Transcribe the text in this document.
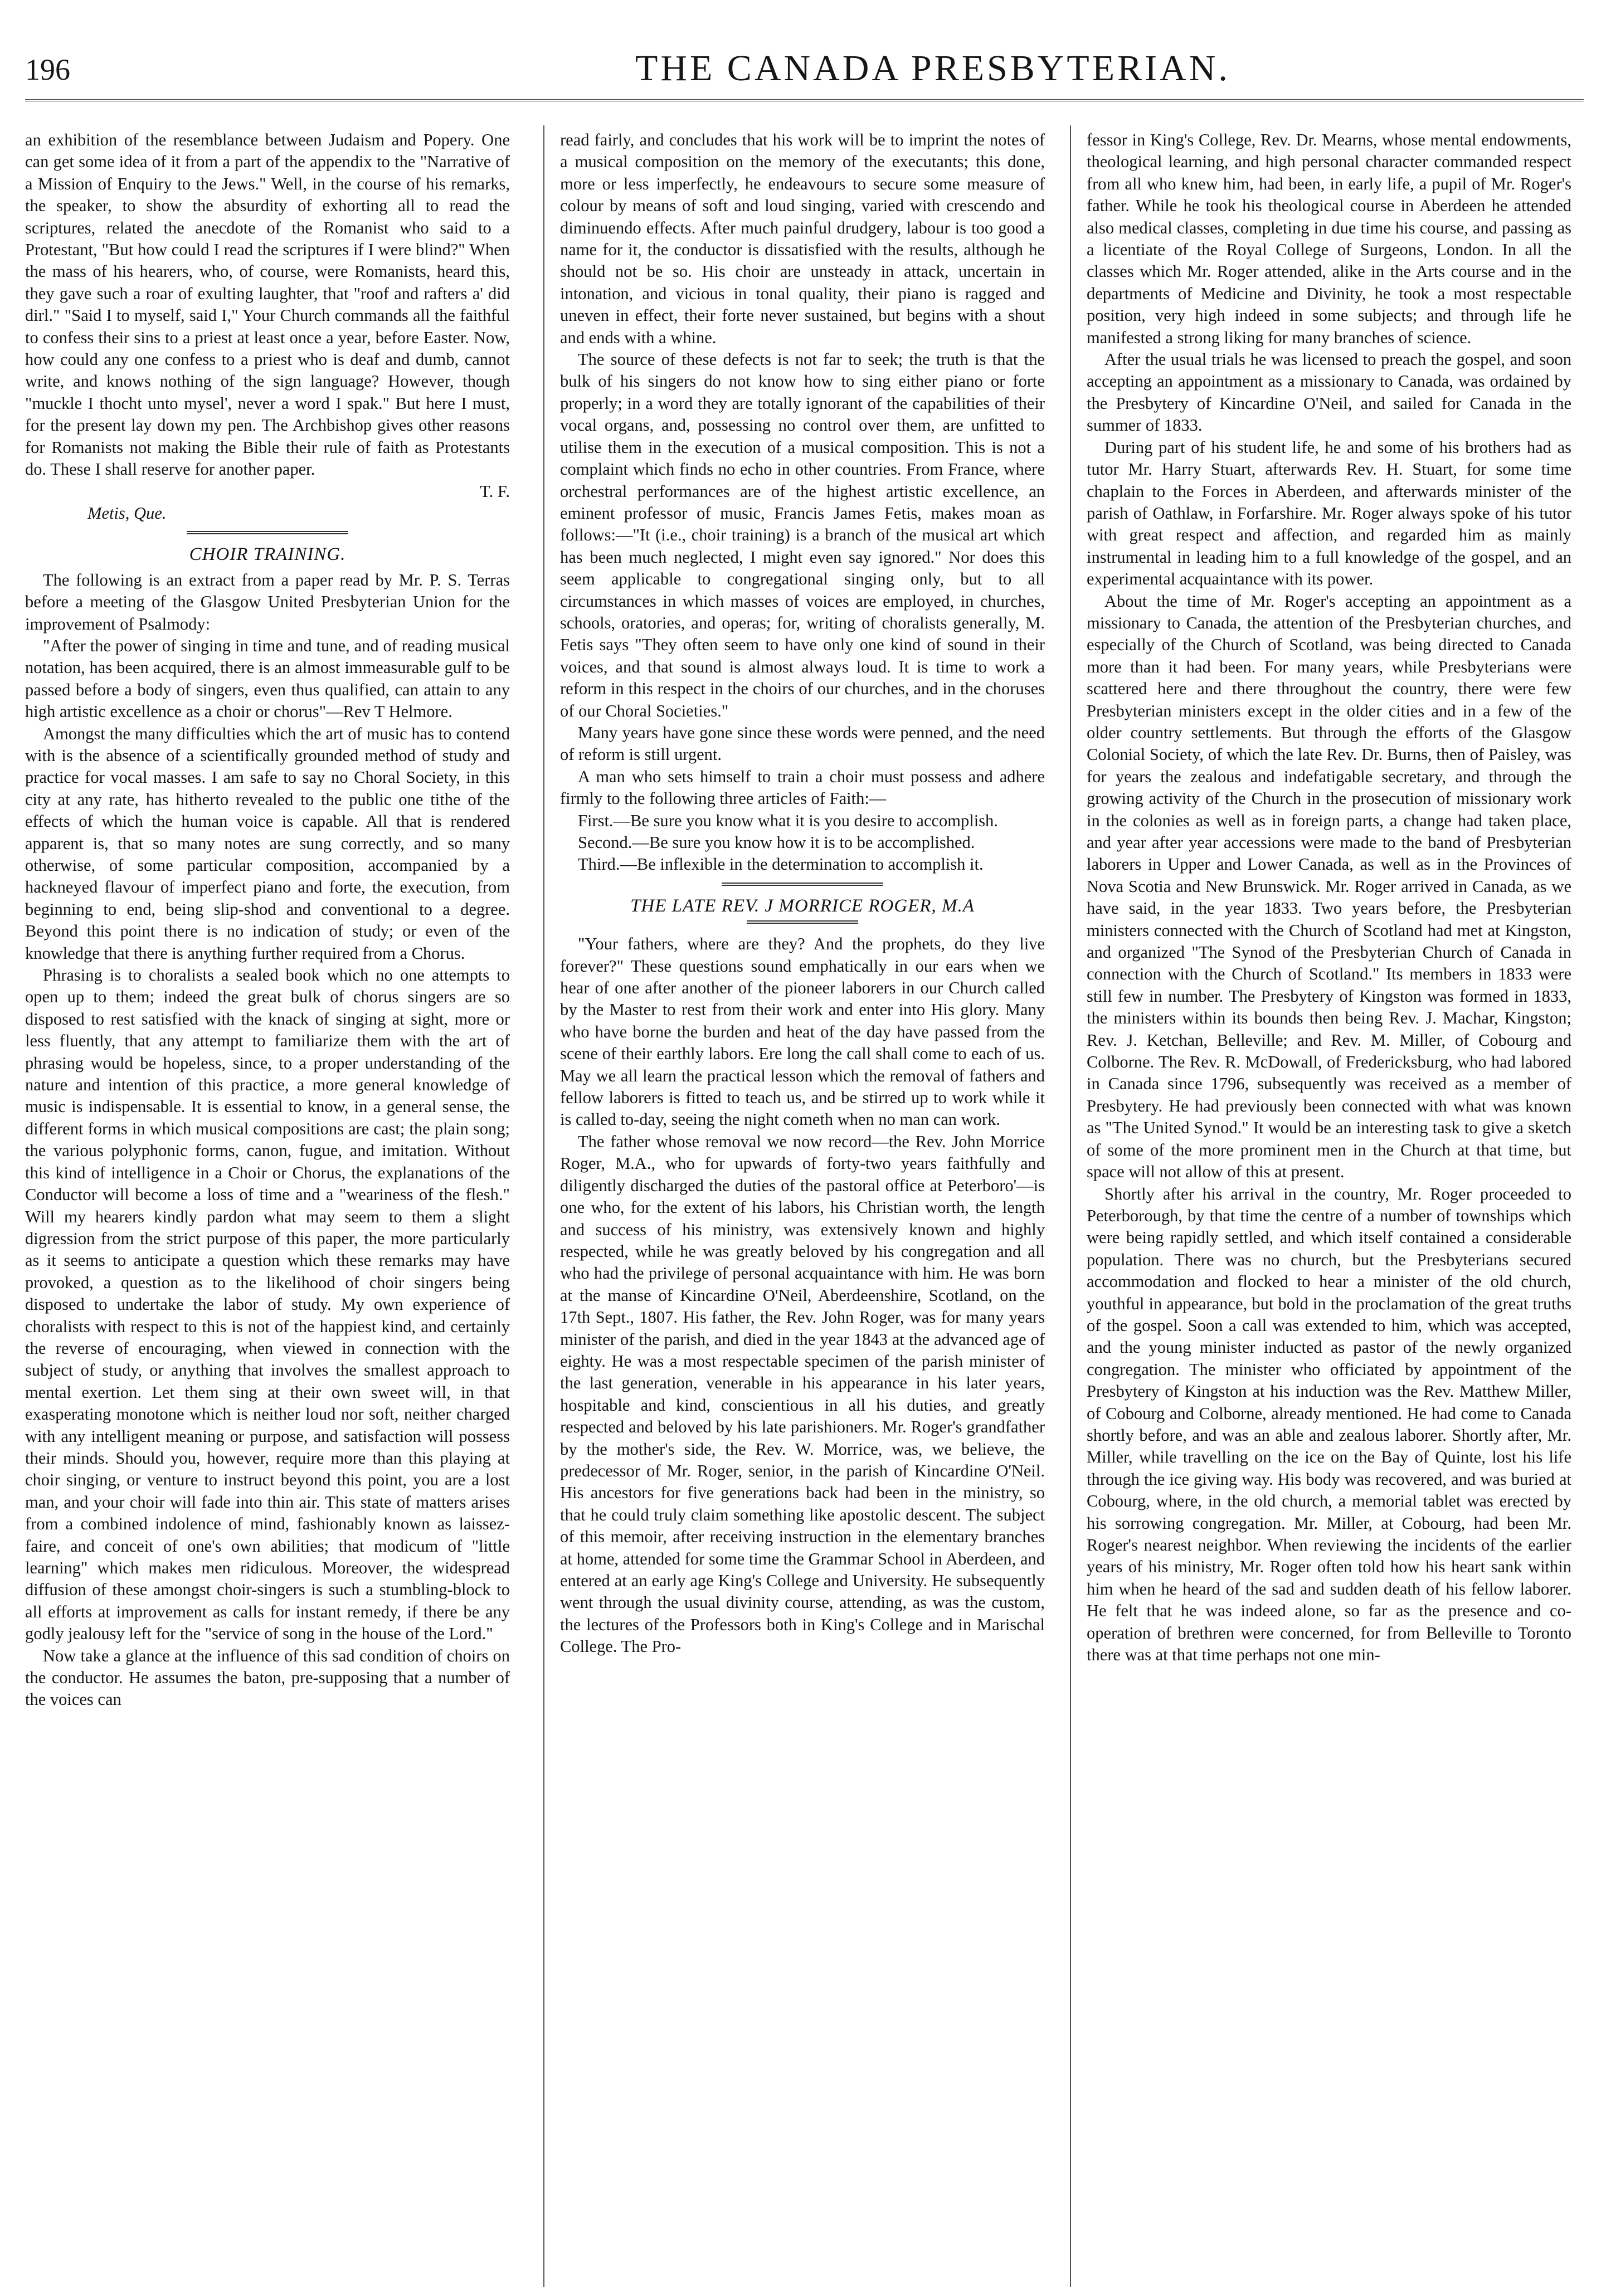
196	THE CANADA PRESBYTERIAN.

an exhibition of the resemblance between Judaism and Popery. One can get some idea of it from a part of the appendix to the "Narrative of a Mission of Enquiry to the Jews." Well, in the course of his remarks, the speaker, to show the absurdity of exhorting all to read the scriptures, related the anecdote of the Romanist who said to a Protestant, "But how could I read the scriptures if I were blind?" When the mass of his hearers, who, of course, were Romanists, heard this, they gave such a roar of exulting laughter, that "roof and rafters a' did dirl." "Said I to myself, said I," Your Church commands all the faithful to confess their sins to a priest at least once a year, before Easter. Now, how could any one confess to a priest who is deaf and dumb, cannot write, and knows nothing of the sign language? However, though "muckle I thocht unto mysel', never a word I spak." But here I must, for the present lay down my pen. The Archbishop gives other reasons for Romanists not making the Bible their rule of faith as Protestants do. These I shall reserve for another paper.

T. F.

Metis, Que.

CHOIR TRAINING.

The following is an extract from a paper read by Mr. P. S. Terras before a meeting of the Glasgow United Presbyterian Union for the improvement of Psalmody:

"After the power of singing in time and tune, and of reading musical notation, has been acquired, there is an almost immeasurable gulf to be passed before a body of singers, even thus qualified, can attain to any high artistic excellence as a choir or chorus"—Rev T Helmore.

Amongst the many difficulties which the art of music has to contend with is the absence of a scientifically grounded method of study and practice for vocal masses. I am safe to say no Choral Society, in this city at any rate, has hitherto revealed to the public one tithe of the effects of which the human voice is capable. All that is rendered apparent is, that so many notes are sung correctly, and so many otherwise, of some particular composition, accompanied by a hackneyed flavour of imperfect piano and forte, the execution, from beginning to end, being slip-shod and conventional to a degree. Beyond this point there is no indication of study; or even of the knowledge that there is anything further required from a Chorus.

Phrasing is to choralists a sealed book which no one attempts to open up to them; indeed the great bulk of chorus singers are so disposed to rest satisfied with the knack of singing at sight, more or less fluently, that any attempt to familiarize them with the art of phrasing would be hopeless, since, to a proper understanding of the nature and intention of this practice, a more general knowledge of music is indispensable. It is essential to know, in a general sense, the different forms in which musical compositions are cast; the plain song; the various polyphonic forms, canon, fugue, and imitation. Without this kind of intelligence in a Choir or Chorus, the explanations of the Conductor will become a loss of time and a "weariness of the flesh." Will my hearers kindly pardon what may seem to them a slight digression from the strict purpose of this paper, the more particularly as it seems to anticipate a question which these remarks may have provoked, a question as to the likelihood of choir singers being disposed to undertake the labor of study. My own experience of choralists with respect to this is not of the happiest kind, and certainly the reverse of encouraging, when viewed in connection with the subject of study, or anything that involves the smallest approach to mental exertion. Let them sing at their own sweet will, in that exasperating monotone which is neither loud nor soft, neither charged with any intelligent meaning or purpose, and satisfaction will possess their minds. Should you, however, require more than this playing at choir singing, or venture to instruct beyond this point, you are a lost man, and your choir will fade into thin air. This state of matters arises from a combined indolence of mind, fashionably known as laissez-faire, and conceit of one's own abilities; that modicum of "little learning" which makes men ridiculous. Moreover, the widespread diffusion of these amongst choir-singers is such a stumbling-block to all efforts at improvement as calls for instant remedy, if there be any godly jealousy left for the "service of song in the house of the Lord."

Now take a glance at the influence of this sad condition of choirs on the conductor. He assumes the baton, pre-supposing that a number of the voices can

read fairly, and concludes that his work will be to imprint the notes of a musical composition on the memory of the executants; this done, more or less imperfectly, he endeavours to secure some measure of colour by means of soft and loud singing, varied with crescendo and diminuendo effects. After much painful drudgery, labour is too good a name for it, the conductor is dissatisfied with the results, although he should not be so. His choir are unsteady in attack, uncertain in intonation, and vicious in tonal quality, their piano is ragged and uneven in effect, their forte never sustained, but begins with a shout and ends with a whine.

The source of these defects is not far to seek; the truth is that the bulk of his singers do not know how to sing either piano or forte properly; in a word they are totally ignorant of the capabilities of their vocal organs, and, possessing no control over them, are unfitted to utilise them in the execution of a musical composition. This is not a complaint which finds no echo in other countries. From France, where orchestral performances are of the highest artistic excellence, an eminent professor of music, Francis James Fetis, makes moan as follows:—"It (i.e., choir training) is a branch of the musical art which has been much neglected, I might even say ignored." Nor does this seem applicable to congregational singing only, but to all circumstances in which masses of voices are employed, in churches, schools, oratories, and operas; for, writing of choralists generally, M. Fetis says "They often seem to have only one kind of sound in their voices, and that sound is almost always loud. It is time to work a reform in this respect in the choirs of our churches, and in the choruses of our Choral Societies."

Many years have gone since these words were penned, and the need of reform is still urgent.

A man who sets himself to train a choir must possess and adhere firmly to the following three articles of Faith:—

First.—Be sure you know what it is you desire to accomplish.

Second.—Be sure you know how it is to be accomplished.

Third.—Be inflexible in the determination to accomplish it.

THE LATE REV. J MORRICE ROGER, M.A

"Your fathers, where are they? And the prophets, do they live forever?" These questions sound emphatically in our ears when we hear of one after another of the pioneer laborers in our Church called by the Master to rest from their work and enter into His glory. Many who have borne the burden and heat of the day have passed from the scene of their earthly labors. Ere long the call shall come to each of us. May we all learn the practical lesson which the removal of fathers and fellow laborers is fitted to teach us, and be stirred up to work while it is called to-day, seeing the night cometh when no man can work.

The father whose removal we now record—the Rev. John Morrice Roger, M.A., who for upwards of forty-two years faithfully and diligently discharged the duties of the pastoral office at Peterboro'—is one who, for the extent of his labors, his Christian worth, the length and success of his ministry, was extensively known and highly respected, while he was greatly beloved by his congregation and all who had the privilege of personal acquaintance with him. He was born at the manse of Kincardine O'Neil, Aberdeenshire, Scotland, on the 17th Sept., 1807. His father, the Rev. John Roger, was for many years minister of the parish, and died in the year 1843 at the advanced age of eighty. He was a most respectable specimen of the parish minister of the last generation, venerable in his appearance in his later years, hospitable and kind, conscientious in all his duties, and greatly respected and beloved by his late parishioners. Mr. Roger's grandfather by the mother's side, the Rev. W. Morrice, was, we believe, the predecessor of Mr. Roger, senior, in the parish of Kincardine O'Neil. His ancestors for five generations back had been in the ministry, so that he could truly claim something like apostolic descent. The subject of this memoir, after receiving instruction in the elementary branches at home, attended for some time the Grammar School in Aberdeen, and entered at an early age King's College and University. He subsequently went through the usual divinity course, attending, as was the custom, the lectures of the Professors both in King's College and in Marischal College. The Pro-

fessor in King's College, Rev. Dr. Mearns, whose mental endowments, theological learning, and high personal character commanded respect from all who knew him, had been, in early life, a pupil of Mr. Roger's father. While he took his theological course in Aberdeen he attended also medical classes, completing in due time his course, and passing as a licentiate of the Royal College of Surgeons, London. In all the classes which Mr. Roger attended, alike in the Arts course and in the departments of Medicine and Divinity, he took a most respectable position, very high indeed in some subjects; and through life he manifested a strong liking for many branches of science.

After the usual trials he was licensed to preach the gospel, and soon accepting an appointment as a missionary to Canada, was ordained by the Presbytery of Kincardine O'Neil, and sailed for Canada in the summer of 1833.

During part of his student life, he and some of his brothers had as tutor Mr. Harry Stuart, afterwards Rev. H. Stuart, for some time chaplain to the Forces in Aberdeen, and afterwards minister of the parish of Oathlaw, in Forfarshire. Mr. Roger always spoke of his tutor with great respect and affection, and regarded him as mainly instrumental in leading him to a full knowledge of the gospel, and an experimental acquaintance with its power.

About the time of Mr. Roger's accepting an appointment as a missionary to Canada, the attention of the Presbyterian churches, and especially of the Church of Scotland, was being directed to Canada more than it had been. For many years, while Presbyterians were scattered here and there throughout the country, there were few Presbyterian ministers except in the older cities and in a few of the older country settlements. But through the efforts of the Glasgow Colonial Society, of which the late Rev. Dr. Burns, then of Paisley, was for years the zealous and indefatigable secretary, and through the growing activity of the Church in the prosecution of missionary work in the colonies as well as in foreign parts, a change had taken place, and year after year accessions were made to the band of Presbyterian laborers in Upper and Lower Canada, as well as in the Provinces of Nova Scotia and New Brunswick. Mr. Roger arrived in Canada, as we have said, in the year 1833. Two years before, the Presbyterian ministers connected with the Church of Scotland had met at Kingston, and organized "The Synod of the Presbyterian Church of Canada in connection with the Church of Scotland." Its members in 1833 were still few in number. The Presbytery of Kingston was formed in 1833, the ministers within its bounds then being Rev. J. Machar, Kingston; Rev. J. Ketchan, Belleville; and Rev. M. Miller, of Cobourg and Colborne. The Rev. R. McDowall, of Fredericksburg, who had labored in Canada since 1796, subsequently was received as a member of Presbytery. He had previously been connected with what was known as "The United Synod." It would be an interesting task to give a sketch of some of the more prominent men in the Church at that time, but space will not allow of this at present.

Shortly after his arrival in the country, Mr. Roger proceeded to Peterborough, by that time the centre of a number of townships which were being rapidly settled, and which itself contained a considerable population. There was no church, but the Presbyterians secured accommodation and flocked to hear a minister of the old church, youthful in appearance, but bold in the proclamation of the great truths of the gospel. Soon a call was extended to him, which was accepted, and the young minister inducted as pastor of the newly organized congregation. The minister who officiated by appointment of the Presbytery of Kingston at his induction was the Rev. Matthew Miller, of Cobourg and Colborne, already mentioned. He had come to Canada shortly before, and was an able and zealous laborer. Shortly after, Mr. Miller, while travelling on the ice on the Bay of Quinte, lost his life through the ice giving way. His body was recovered, and was buried at Cobourg, where, in the old church, a memorial tablet was erected by his sorrowing congregation. Mr. Miller, at Cobourg, had been Mr. Roger's nearest neighbor. When reviewing the incidents of the earlier years of his ministry, Mr. Roger often told how his heart sank within him when he heard of the sad and sudden death of his fellow laborer. He felt that he was indeed alone, so far as the presence and co-operation of brethren were concerned, for from Belleville to Toronto there was at that time perhaps not one min-
